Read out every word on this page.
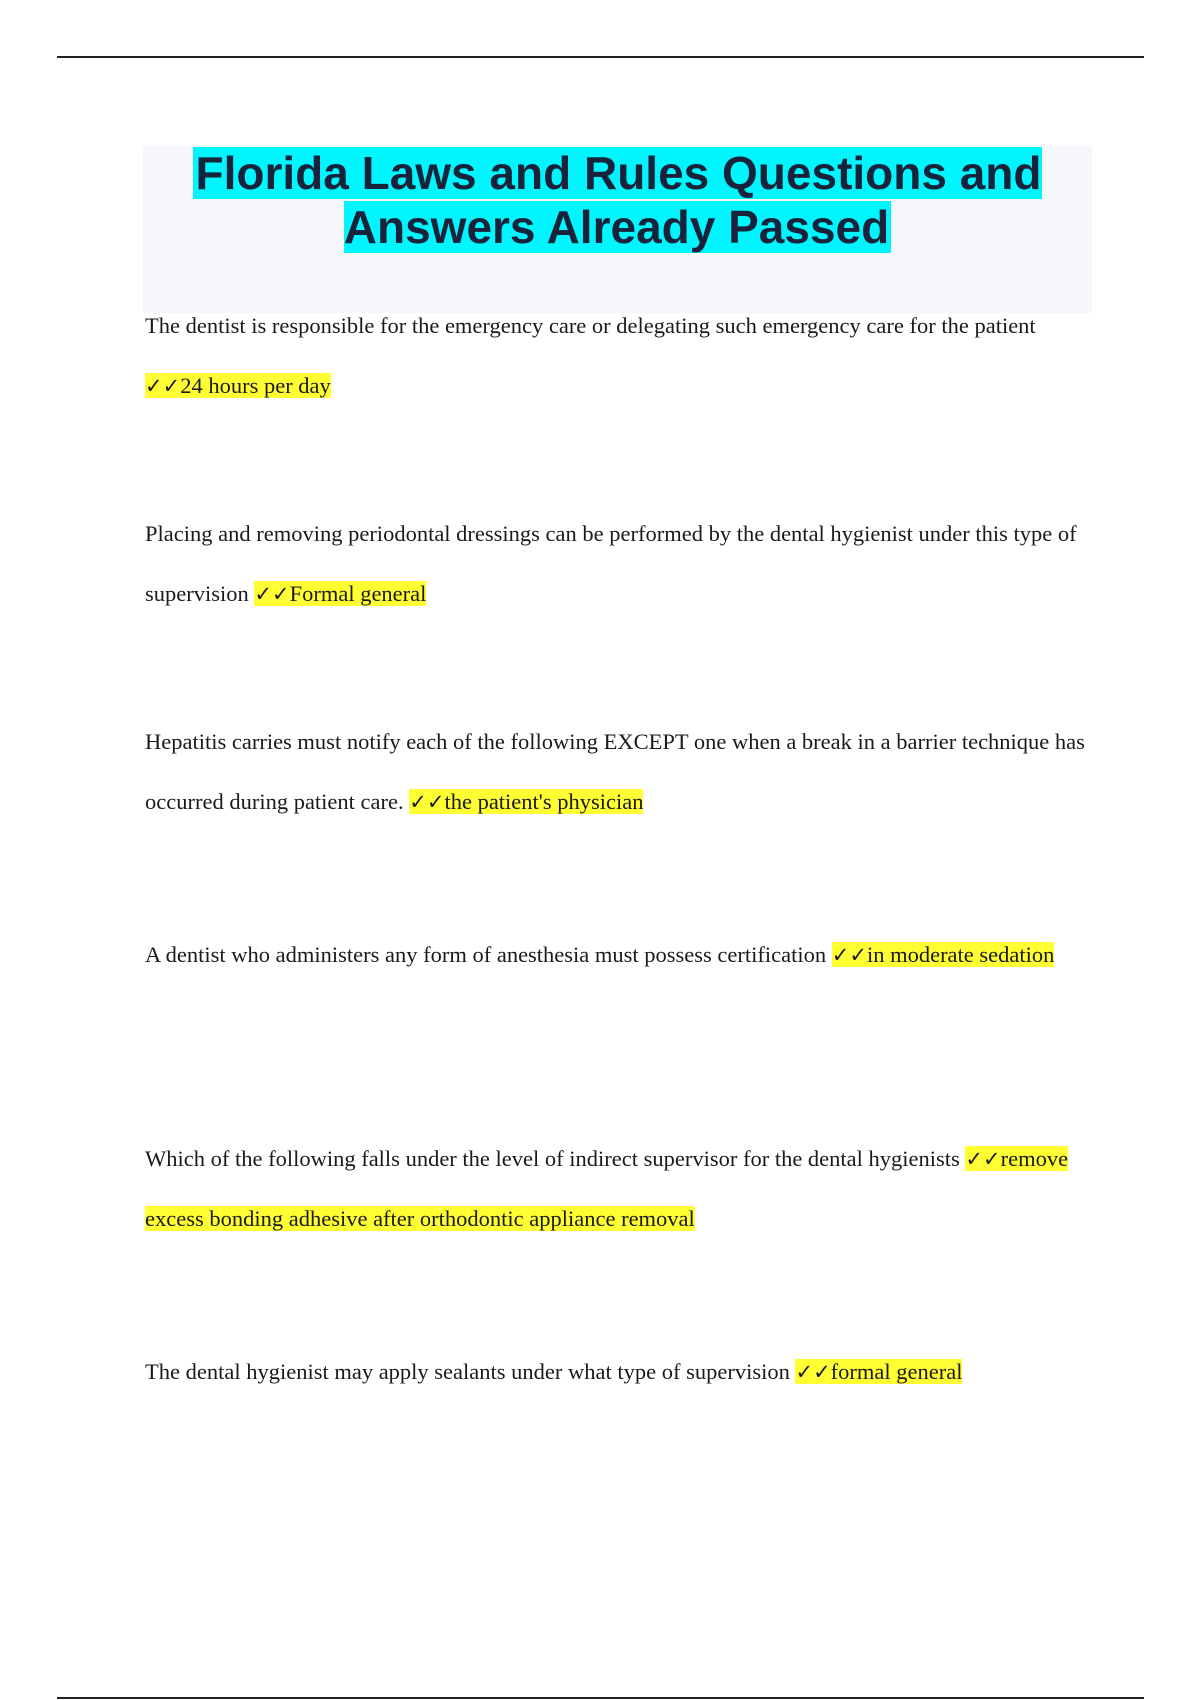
Florida Laws and Rules Questions and Answers Already Passed

The dentist is responsible for the emergency care or delegating such emergency care for the patient ✓✓24 hours per day

Placing and removing periodontal dressings can be performed by the dental hygienist under this type of supervision ✓✓Formal general

Hepatitis carries must notify each of the following EXCEPT one when a break in a barrier technique has occurred during patient care. ✓✓the patient's physician

A dentist who administers any form of anesthesia must possess certification ✓✓in moderate sedation

Which of the following falls under the level of indirect supervisor for the dental hygienists ✓✓remove excess bonding adhesive after orthodontic appliance removal

The dental hygienist may apply sealants under what type of supervision ✓✓formal general
